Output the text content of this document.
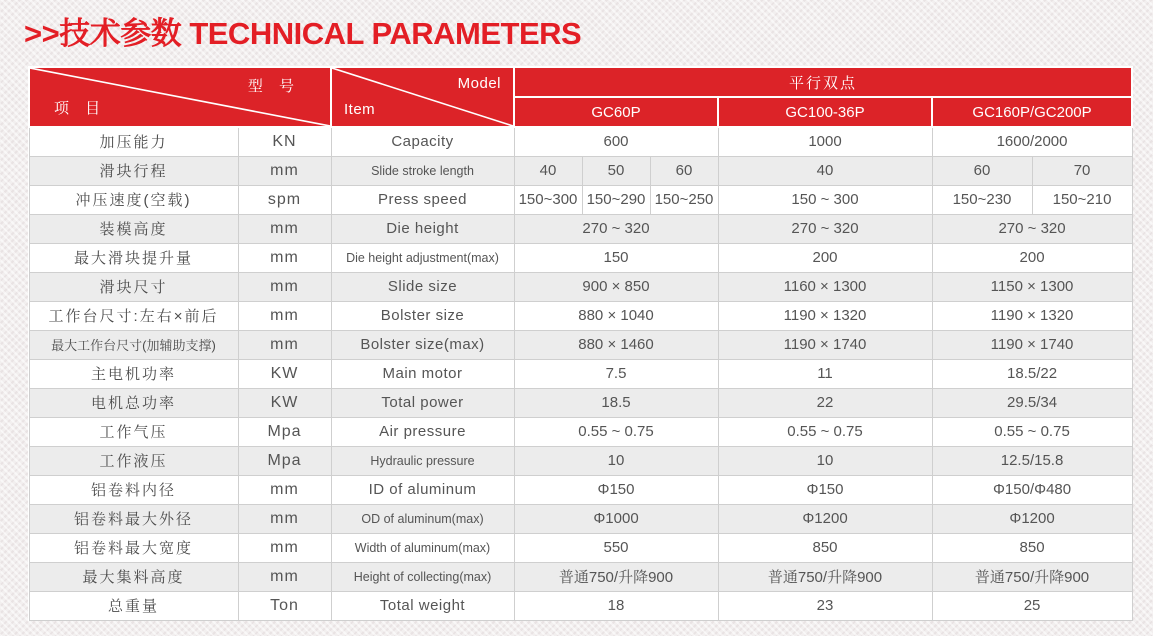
>>技术参数 TECHNICAL PARAMETERS
型 号
项 目		Model
Item	平行双点					
			GC60P			GC100-36P	GC160P/GC200P	
加压能力	KN	Capacity	600			1000	1600/2000	
滑块行程	mm	Slide stroke length	40	50	60	40	60	70
冲压速度(空载)	spm	Press speed	150~300	150~290	150~250	150 ~ 300	150~230	150~210
装模高度	mm	Die height	270 ~ 320			270 ~ 320	270 ~ 320	
最大滑块提升量	mm	Die height adjustment(max)	150			200	200	
滑块尺寸	mm	Slide size	900 × 850			1160 × 1300	1150 × 1300	
工作台尺寸:左右×前后	mm	Bolster size	880 × 1040			1190 × 1320	1190 × 1320	
最大工作台尺寸(加辅助支撑)	mm	Bolster size(max)	880 × 1460			1190 × 1740	1190 × 1740	
主电机功率	KW	Main motor	7.5			11	18.5/22	
电机总功率	KW	Total power	18.5			22	29.5/34	
工作气压	Mpa	Air pressure	0.55 ~ 0.75			0.55 ~ 0.75	0.55 ~ 0.75	
工作液压	Mpa	Hydraulic pressure	10			10	12.5/15.8	
铝卷料内径	mm	ID of aluminum	Φ150			Φ150	Φ150/Φ480	
铝卷料最大外径	mm	OD of aluminum(max)	Φ1000			Φ1200	Φ1200	
铝卷料最大宽度	mm	Width of aluminum(max)	550			850	850	
最大集料高度	mm	Height of collecting(max)	普通750/升降900			普通750/升降900	普通750/升降900	
总重量	Ton	Total weight	18			23	25	
